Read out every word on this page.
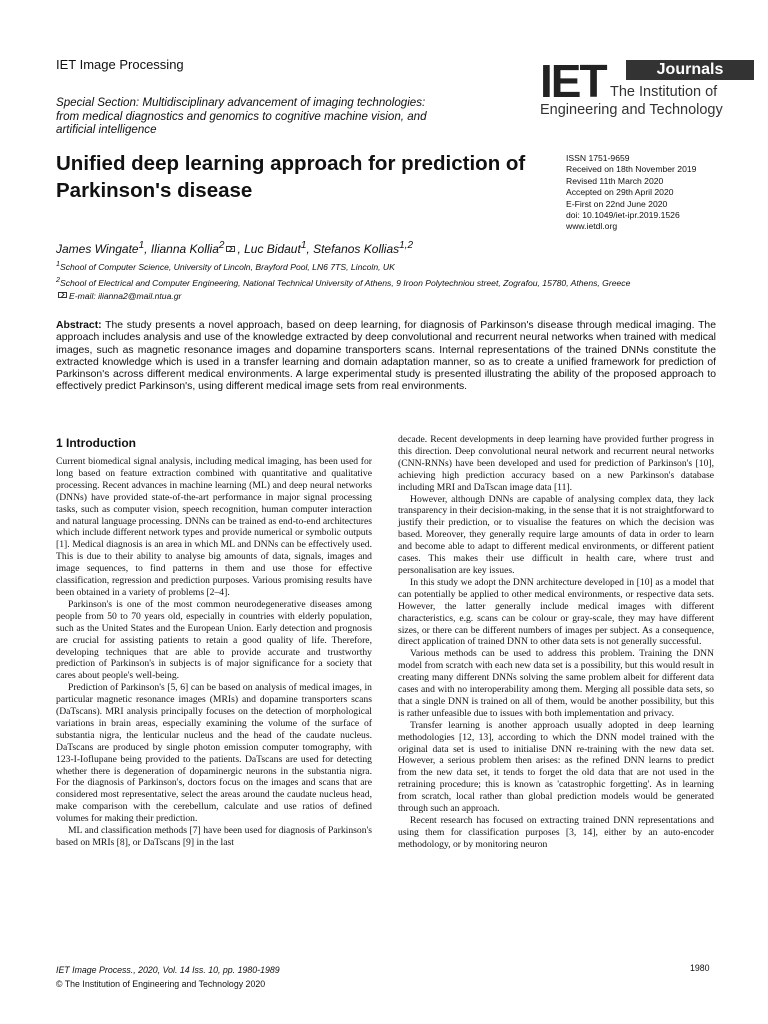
IET Image Processing
Special Section: Multidisciplinary advancement of imaging technologies: from medical diagnostics and genomics to cognitive machine vision, and artificial intelligence
IET	Journals
The Institution of
Engineering and Technology
Unified deep learning approach for prediction of Parkinson's disease
ISSN 1751-9659
Received on 18th November 2019
Revised 11th March 2020
Accepted on 29th April 2020
E-First on 22nd June 2020
doi: 10.1049/iet-ipr.2019.1526
www.ietdl.org
James Wingate$^1$, Ilianna Kollia$^2$ , Luc Bidaut$^1$, Stefanos Kollias$^{1,2}$
$^1$School of Computer Science, University of Lincoln, Brayford Pool, LN6 7TS, Lincoln, UK
$^2$School of Electrical and Computer Engineering, National Technical University of Athens, 9 Iroon Polytechniou street, Zografou, 15780, Athens, Greece
E-mail: ilianna2@mail.ntua.gr
Abstract: The study presents a novel approach, based on deep learning, for diagnosis of Parkinson's disease through medical imaging. The approach includes analysis and use of the knowledge extracted by deep convolutional and recurrent neural networks when trained with medical images, such as magnetic resonance images and dopamine transporters scans. Internal representations of the trained DNNs constitute the extracted knowledge which is used in a transfer learning and domain adaptation manner, so as to create a unified framework for prediction of Parkinson's across different medical environments. A large experimental study is presented illustrating the ability of the proposed approach to effectively predict Parkinson's, using different medical image sets from real environments.
1 Introduction

Current biomedical signal analysis, including medical imaging, has been used for long based on feature extraction combined with quantitative and qualitative processing. Recent advances in machine learning (ML) and deep neural networks (DNNs) have provided state-of-the-art performance in major signal processing tasks, such as computer vision, speech recognition, human computer interaction and natural language processing. DNNs can be trained as end-to-end architectures which include different network types and provide numerical or symbolic outputs [1]. Medical diagnosis is an area in which ML and DNNs can be effectively used. This is due to their ability to analyse big amounts of data, signals, images and image sequences, to find patterns in them and use those for effective classification, regression and prediction purposes. Various promising results have been obtained in a variety of problems [2–4].

Parkinson's is one of the most common neurodegenerative diseases among people from 50 to 70 years old, especially in countries with elderly population, such as the United States and the European Union. Early detection and prognosis are crucial for assisting patients to retain a good quality of life. Therefore, developing techniques that are able to provide accurate and trustworthy prediction of Parkinson's in subjects is of major significance for a society that cares about people's well-being.

Prediction of Parkinson's [5, 6] can be based on analysis of medical images, in particular magnetic resonance images (MRIs) and dopamine transporters scans (DaTscans). MRI analysis principally focuses on the detection of morphological variations in brain areas, especially examining the volume of the surface of substantia nigra, the lenticular nucleus and the head of the caudate nucleus. DaTscans are produced by single photon emission computer tomography, with 123-I-Ioflupane being provided to the patients. DaTscans are used for detecting whether there is degeneration of dopaminergic neurons in the substantia nigra. For the diagnosis of Parkinson's, doctors focus on the images and scans that are considered most representative, select the areas around the caudate nucleus head, make comparison with the cerebellum, calculate and use ratios of defined volumes for making their prediction.

ML and classification methods [7] have been used for diagnosis of Parkinson's based on MRIs [8], or DaTscans [9] in the last

decade. Recent developments in deep learning have provided further progress in this direction. Deep convolutional neural network and recurrent neural networks (CNN-RNNs) have been developed and used for prediction of Parkinson's [10], achieving high prediction accuracy based on a new Parkinson's database including MRI and DaTscan image data [11].

However, although DNNs are capable of analysing complex data, they lack transparency in their decision-making, in the sense that it is not straightforward to justify their prediction, or to visualise the features on which the decision was based. Moreover, they generally require large amounts of data in order to learn and become able to adapt to different medical environments, or different patient cases. This makes their use difficult in health care, where trust and personalisation are key issues.

In this study we adopt the DNN architecture developed in [10] as a model that can potentially be applied to other medical environments, or respective data sets. However, the latter generally include medical images with different characteristics, e.g. scans can be colour or gray-scale, they may have different sizes, or there can be different numbers of images per subject. As a consequence, direct application of trained DNN to other data sets is not generally successful.

Various methods can be used to address this problem. Training the DNN model from scratch with each new data set is a possibility, but this would result in creating many different DNNs solving the same problem albeit for different data cases and with no interoperability among them. Merging all possible data sets, so that a single DNN is trained on all of them, would be another possibility, but this is rather unfeasible due to issues with both implementation and privacy.

Transfer learning is another approach usually adopted in deep learning methodologies [12, 13], according to which the DNN model trained with the original data set is used to initialise DNN re-training with the new data set. However, a serious problem then arises: as the refined DNN learns to predict from the new data set, it tends to forget the old data that are not used in the retraining procedure; this is known as 'catastrophic forgetting'. As in learning from scratch, local rather than global prediction models would be generated through such an approach.

Recent research has focused on extracting trained DNN representations and using them for classification purposes [3, 14], either by an auto-encoder methodology, or by monitoring neuron

IET Image Process., 2020, Vol. 14 Iss. 10, pp. 1980-1989
© The Institution of Engineering and Technology 2020
1980
